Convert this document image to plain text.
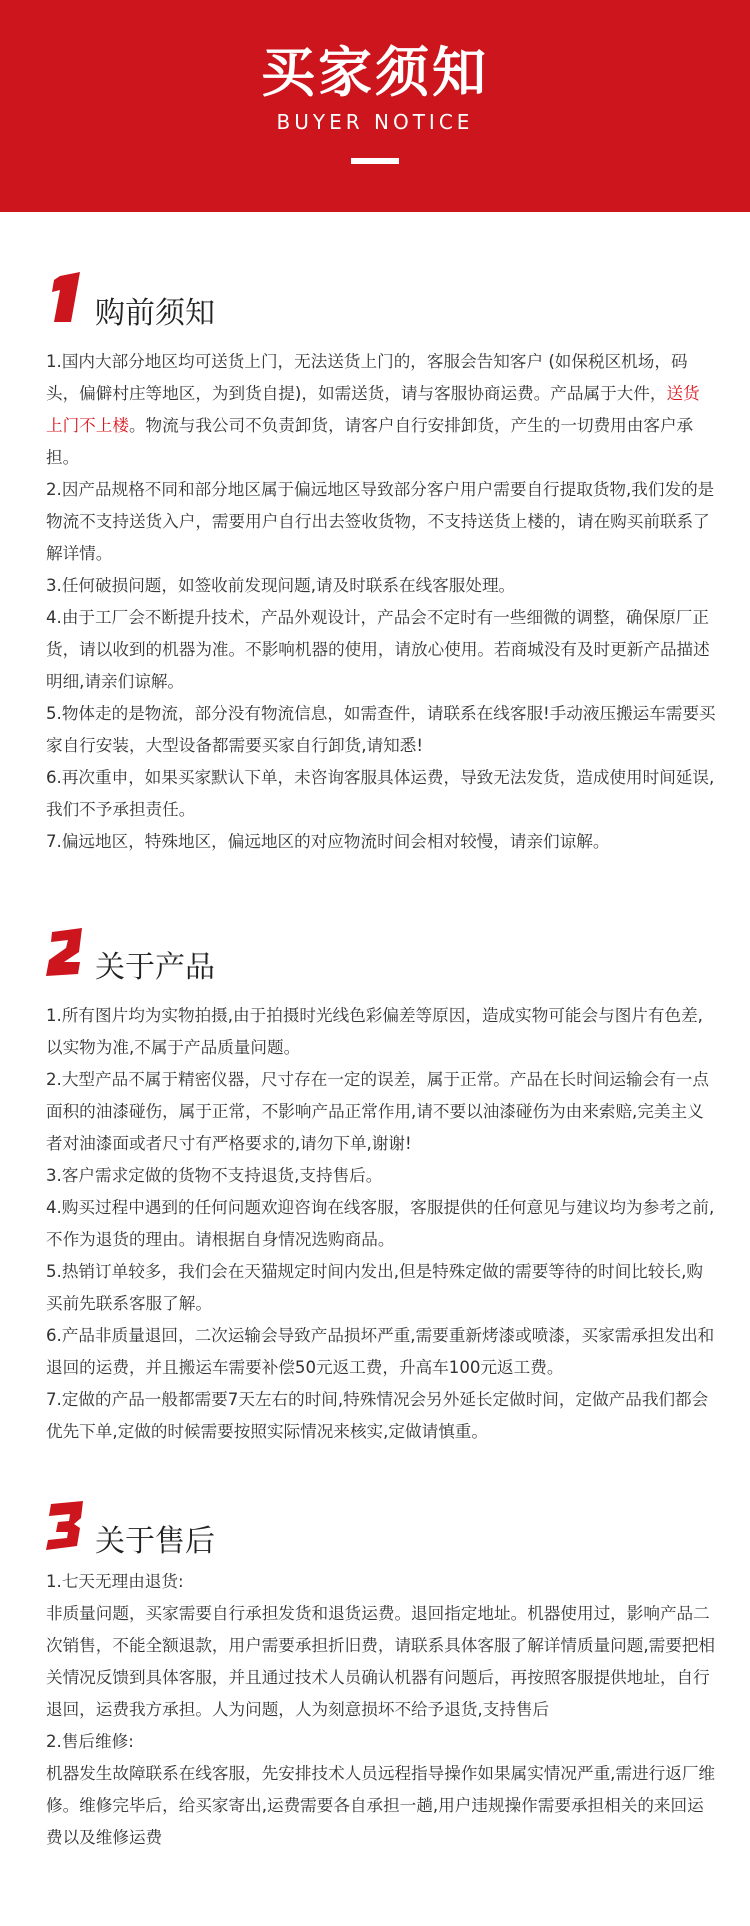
买家须知
BUYER NOTICE
1
购前须知

1.国内大部分地区均可送货上门，无法送货上门的，客服会告知客户 (如保税区机场，码头，偏僻村庄等地区，为到货自提)，如需送货，请与客服协商运费。产品属于大件，送货上门不上楼。物流与我公司不负责卸货，请客户自行安排卸货，产生的一切费用由客户承担。

2.因产品规格不同和部分地区属于偏远地区导致部分客户用户需要自行提取货物,我们发的是物流不支持送货入户，需要用户自行出去签收货物，不支持送货上楼的，请在购买前联系了解详情。

3.任何破损问题，如签收前发现问题,请及时联系在线客服处理。

4.由于工厂会不断提升技术，产品外观设计，产品会不定时有一些细微的调整，确保原厂正货，请以收到的机器为准。不影响机器的使用，请放心使用。若商城没有及时更新产品描述明细,请亲们谅解。

5.物体走的是物流，部分没有物流信息，如需查件，请联系在线客服!手动液压搬运车需要买家自行安装，大型设备都需要买家自行卸货,请知悉!

6.再次重申，如果买家默认下单，未咨询客服具体运费，导致无法发货，造成使用时间延误,我们不予承担责任。

7.偏远地区，特殊地区，偏远地区的对应物流时间会相对较慢，请亲们谅解。

2
关于产品

1.所有图片均为实物拍摄,由于拍摄时光线色彩偏差等原因，造成实物可能会与图片有色差,以实物为准,不属于产品质量问题。

2.大型产品不属于精密仪器，尺寸存在一定的误差，属于正常。产品在长时间运输会有一点面积的油漆碰伤，属于正常，不影响产品正常作用,请不要以油漆碰伤为由来索赔,完美主义者对油漆面或者尺寸有严格要求的,请勿下单,谢谢!

3.客户需求定做的货物不支持退货,支持售后。

4.购买过程中遇到的任何问题欢迎咨询在线客服，客服提供的任何意见与建议均为参考之前,不作为退货的理由。请根据自身情况选购商品。

5.热销订单较多，我们会在天猫规定时间内发出,但是特殊定做的需要等待的时间比较长,购买前先联系客服了解。

6.产品非质量退回，二次运输会导致产品损坏严重,需要重新烤漆或喷漆，买家需承担发出和退回的运费，并且搬运车需要补偿50元返工费，升高车100元返工费。

7.定做的产品一般都需要7天左右的时间,特殊情况会另外延长定做时间，定做产品我们都会优先下单,定做的时候需要按照实际情况来核实,定做请慎重。

3
关于售后

1.七天无理由退货:

非质量问题，买家需要自行承担发货和退货运费。退回指定地址。机器使用过，影响产品二次销售，不能全额退款，用户需要承担折旧费，请联系具体客服了解详情质量问题,需要把相关情况反馈到具体客服，并且通过技术人员确认机器有问题后，再按照客服提供地址，自行退回，运费我方承担。人为问题，人为刻意损坏不给予退货,支持售后

2.售后维修:

机器发生故障联系在线客服，先安排技术人员远程指导操作如果属实情况严重,需进行返厂维修。维修完毕后，给买家寄出,运费需要各自承担一趟,用户违规操作需要承担相关的来回运费以及维修运费
